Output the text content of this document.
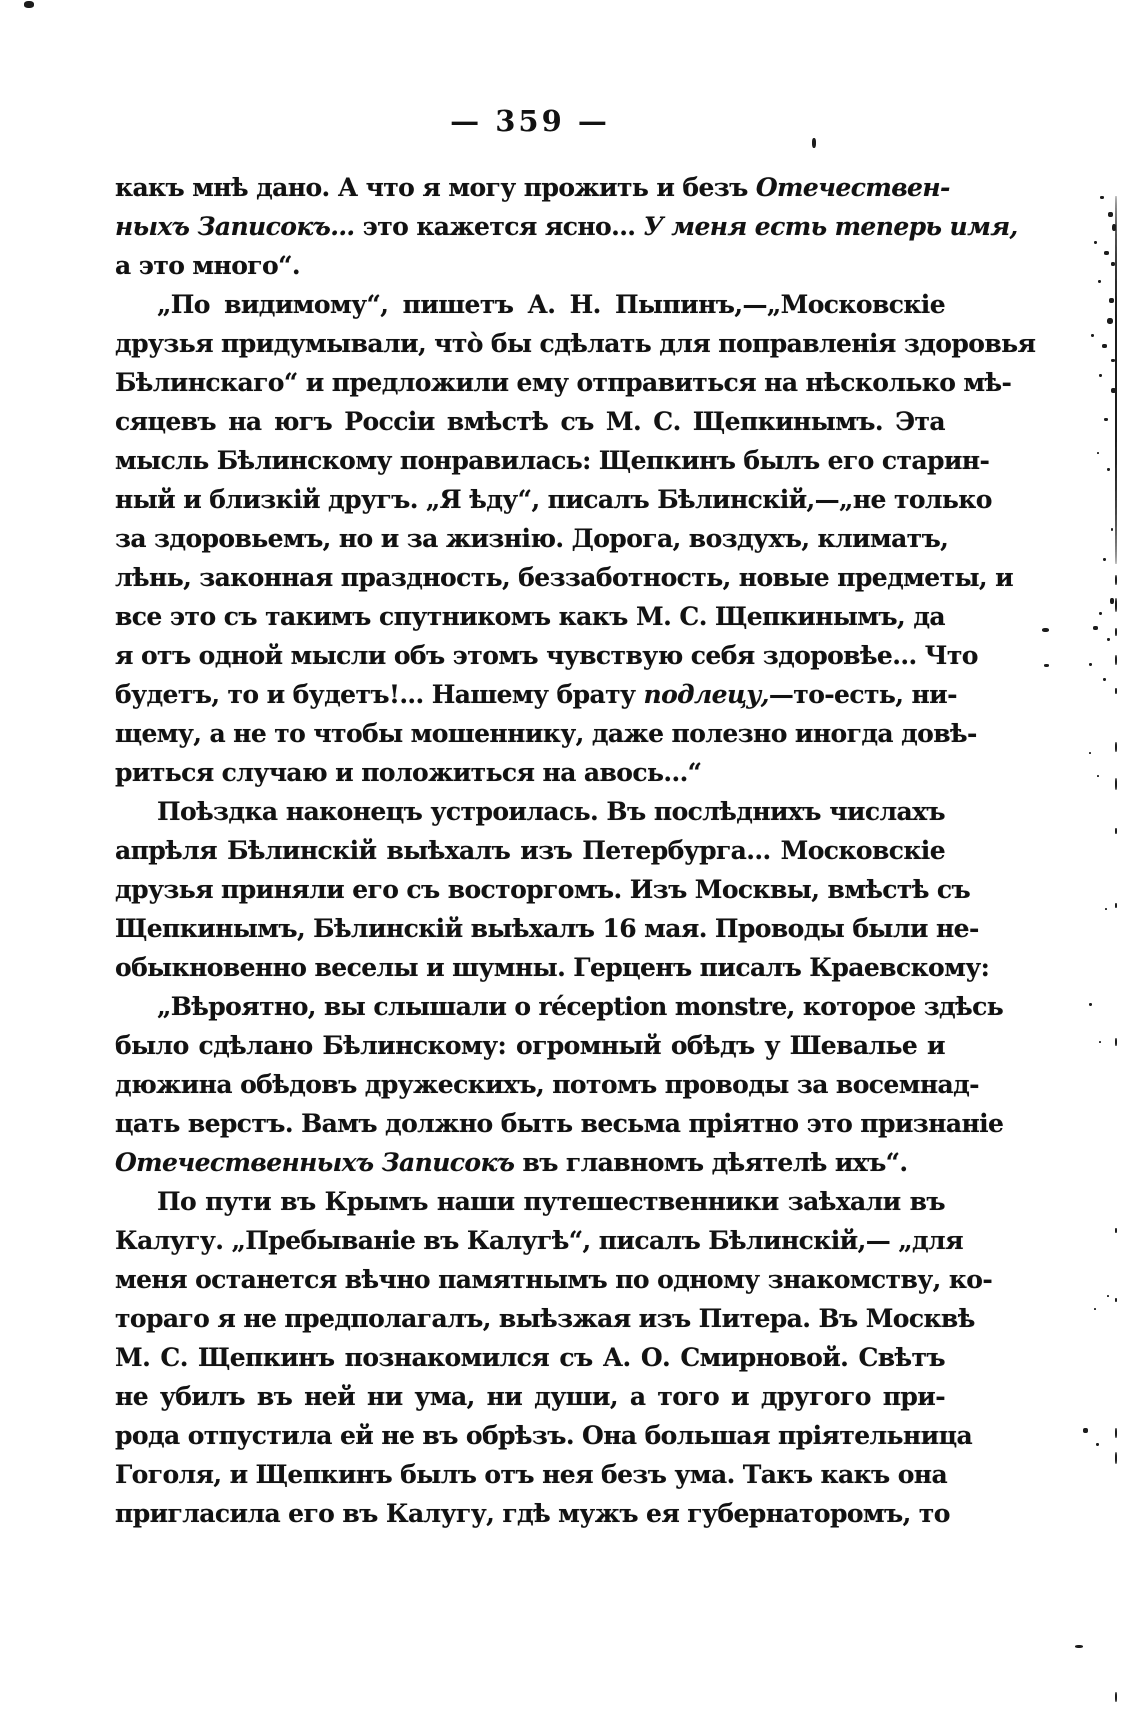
— 359 —
какъ мнѣ дано. А что я могу прожить и безъ Отечествен-
ныхъ Записокъ... это кажется ясно... У меня есть теперь имя,
а это много“.
„По видимому“, пишетъ А. Н. Пыпинъ,—„Московскіе
друзья придумывали, что̀ бы сдѣлать для поправленія здоровья
Бѣлинскаго“ и предложили ему отправиться на нѣсколько мѣ-
сяцевъ на югъ Россіи вмѣстѣ съ М. С. Щепкинымъ. Эта
мысль Бѣлинскому понравилась: Щепкинъ былъ его старин-
ный и близкій другъ. „Я ѣду“, писалъ Бѣлинскій,—„не только
за здоровьемъ, но и за жизнію. Дорога, воздухъ, климатъ,
лѣнь, законная праздность, беззаботность, новые предметы, и
все это съ такимъ спутникомъ какъ М. С. Щепкинымъ, да
я отъ одной мысли объ этомъ чувствую себя здоровѣе... Что
будетъ, то и будетъ!... Нашему брату подлецу,—то-есть, ни-
щему, а не то чтобы мошеннику, даже полезно иногда довѣ-
риться случаю и положиться на авось...“
Поѣздка наконецъ устроилась. Въ послѣднихъ числахъ
апрѣля Бѣлинскій выѣхалъ изъ Петербурга... Московскіе
друзья приняли его съ восторгомъ. Изъ Москвы, вмѣстѣ съ
Щепкинымъ, Бѣлинскій выѣхалъ 16 мая. Проводы были не-
обыкновенно веселы и шумны. Герценъ писалъ Краевскому:
„Вѣроятно, вы слышали о réception monstre, которое здѣсь
было сдѣлано Бѣлинскому: огромный обѣдъ у Шевалье и
дюжина обѣдовъ дружескихъ, потомъ проводы за восемнад-
цать верстъ. Вамъ должно быть весьма пріятно это признаніе
Отечественныхъ Записокъ въ главномъ дѣятелѣ ихъ“.
По пути въ Крымъ наши путешественники заѣхали въ
Калугу. „Пребываніе въ Калугѣ“, писалъ Бѣлинскій,— „для
меня останется вѣчно памятнымъ по одному знакомству, ко-
тораго я не предполагалъ, выѣзжая изъ Питера. Въ Москвѣ
М. С. Щепкинъ познакомился съ А. О. Смирновой. Свѣтъ
не убилъ въ ней ни ума, ни души, а того и другого при-
рода отпустила ей не въ обрѣзъ. Она большая пріятельница
Гоголя, и Щепкинъ былъ отъ нея безъ ума. Такъ какъ она
пригласила его въ Калугу, гдѣ мужъ ея губернаторомъ, то
